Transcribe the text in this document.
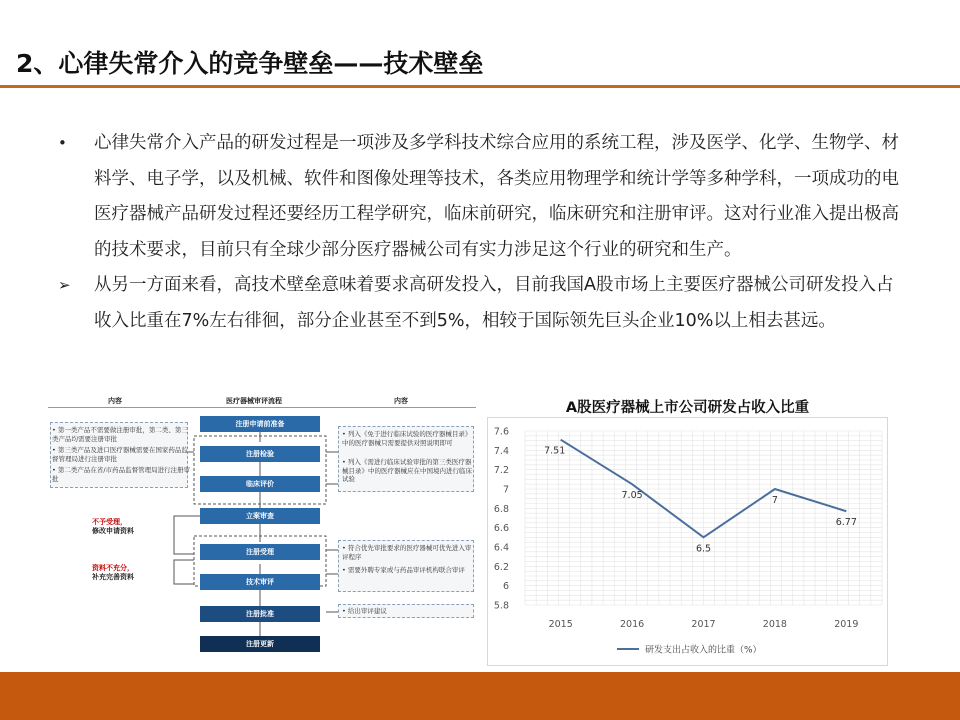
2、心律失常介入的竞争壁垒——技术壁垒
• 心律失常介入产品的研发过程是一项涉及多学科技术综合应用的系统工程，涉及医学、化学、生物学、材料学、电子学，以及机械、软件和图像处理等技术，各类应用物理学和统计学等多种学科，一项成功的电医疗器械产品研发过程还要经历工程学研究，临床前研究，临床研究和注册审评。这对行业准入提出极高的技术要求，目前只有全球少部分医疗器械公司有实力涉足这个行业的研究和生产。
➢ 从另一方面来看，高技术壁垒意味着要求高研发投入，目前我国A股市场上主要医疗器械公司研发投入占收入比重在7%左右徘徊，部分企业甚至不到5%，相较于国际领先巨头企业10%以上相去甚远。
内容	医疗器械审评流程	内容
• 第一类产品不需要做注册审批，第二类、第三类产品均需要注册审批
• 第三类产品及进口医疗器械需要在国家药品监督管理局进行注册审批
• 第二类产品在省/市药品监督管理局进行注册审批
注册申请前准备
注册检验
临床评价
立案审查
注册受理
技术审评
注册批准
注册更新
• 列入《免于进行临床试验的医疗器械目录》中的医疗器械只需要提供对照说明即可
• 列入《需进行临床试验审批的第三类医疗器械目录》中的医疗器械应在中国境内进行临床试验
• 符合优先审批要求的医疗器械可优先进入审评程序
• 需要外聘专家或与药品审评机构联合审评
• 给出审评建议
不予受理，
修改申请资料
资料不充分，
补充完善资料
A股医疗器械上市公司研发占收入比重
7.6
7.4
7.2
7
6.8
6.6
6.4
6.2
6
5.8
2015	2016	2017	2018	2019
7.51
7.05
6.5
7
6.77
研发支出占收入的比重（%）
